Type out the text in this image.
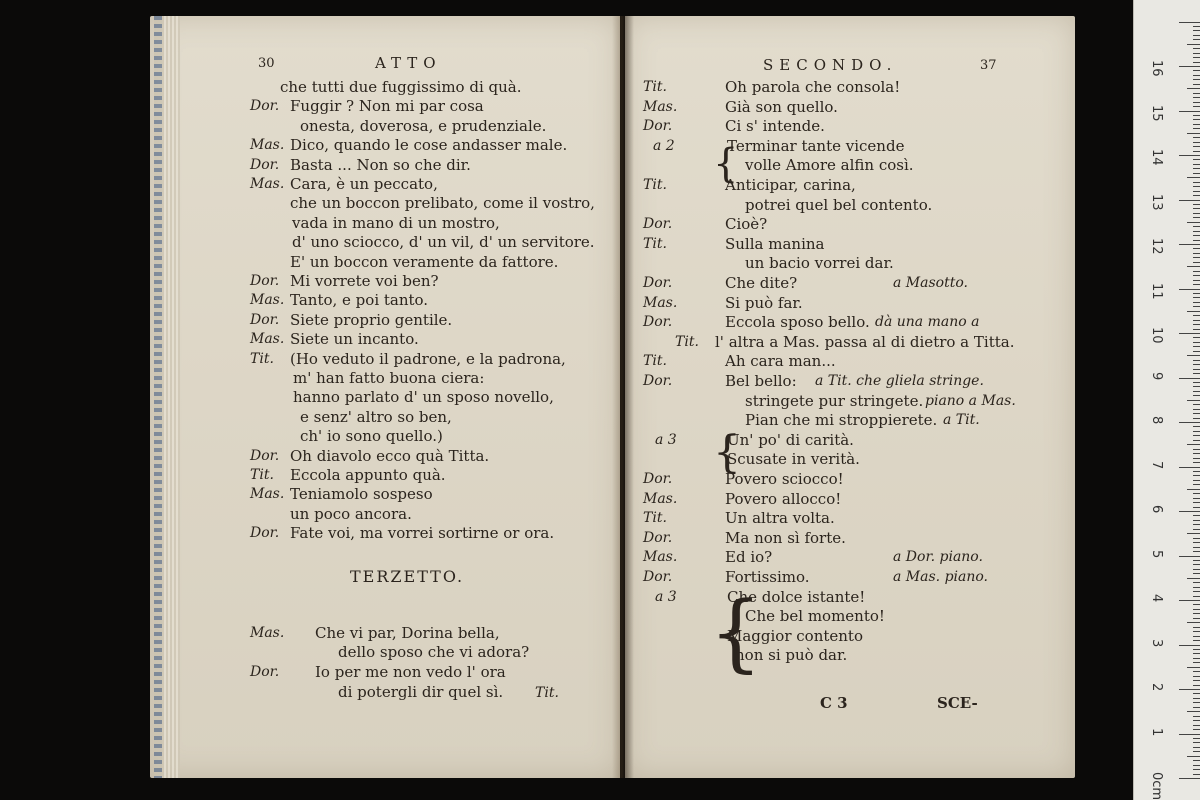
30	ATTO
che tutti due fuggissimo di quà.
Dor. Fuggir ? Non mi par cosa
onesta, doverosa, e prudenziale.
Mas. Dico, quando le cose andasser male.
Dor. Basta ... Non so che dir.
Mas. Cara, è un peccato,
che un boccon prelibato, come il vostro,
vada in mano di un mostro,
d' uno sciocco, d' un vil, d' un servitore.
E' un boccon veramente da fattore.
Dor. Mi vorrete voi ben?
Mas. Tanto, e poi tanto.
Dor. Siete proprio gentile.
Mas. Siete un incanto.
Tit. (Ho veduto il padrone, e la padrona,
m' han fatto buona ciera:
hanno parlato d' un sposo novello,
e senz' altro so ben,
ch' io sono quello.)
Dor. Oh diavolo ecco quà Titta.
Tit. Eccola appunto quà.
Mas. Teniamolo sospeso
un poco ancora.
Dor. Fate voi, ma vorrei sortirne or ora.
TERZETTO.
Mas. Che vi par, Dorina bella,
dello sposo che vi adora?
Dor. Io per me non vedo l' ora
di potergli dir quel sì. Tit.
SECONDO.	37
Tit.	Oh parola che consola!
Mas.	Già son quello.
Dor.	Ci s' intende.
a 2	Terminar tante vicende
volle Amore alfin così.
Tit.	Anticipar, carina,
potrei quel bel contento.
Dor.	Cioè?
Tit.	Sulla manina
un bacio vorrei dar.
Dor.	Che dite?	a Masotto.
Mas.	Si può far.
Dor.	Eccola sposo bello. dà una mano a
Tit. l' altra a Mas. passa al di dietro a Titta.
Tit.	Ah cara man...
Dor.	Bel bello: a Tit. che gliela stringe.
stringete pur stringete. piano a Mas.
Pian che mi stroppierete. a Tit.
a 3	Un' po' di carità.
Scusate in verità.
Dor.	Povero sciocco!
Mas.	Povero allocco!
Tit.	Un altra volta.
Dor.	Ma non sì forte.
Mas.	Ed io?	a Dor. piano.
Dor.	Fortissimo.	a Mas. piano.
a 3	Che dolce istante!
Che bel momento!
Maggior contento
non si può dar.
{
{
{
C 3	SCE-
0cm
1
2
3
4
5
6
7
8
9
10
11
12
13
14
15
16
